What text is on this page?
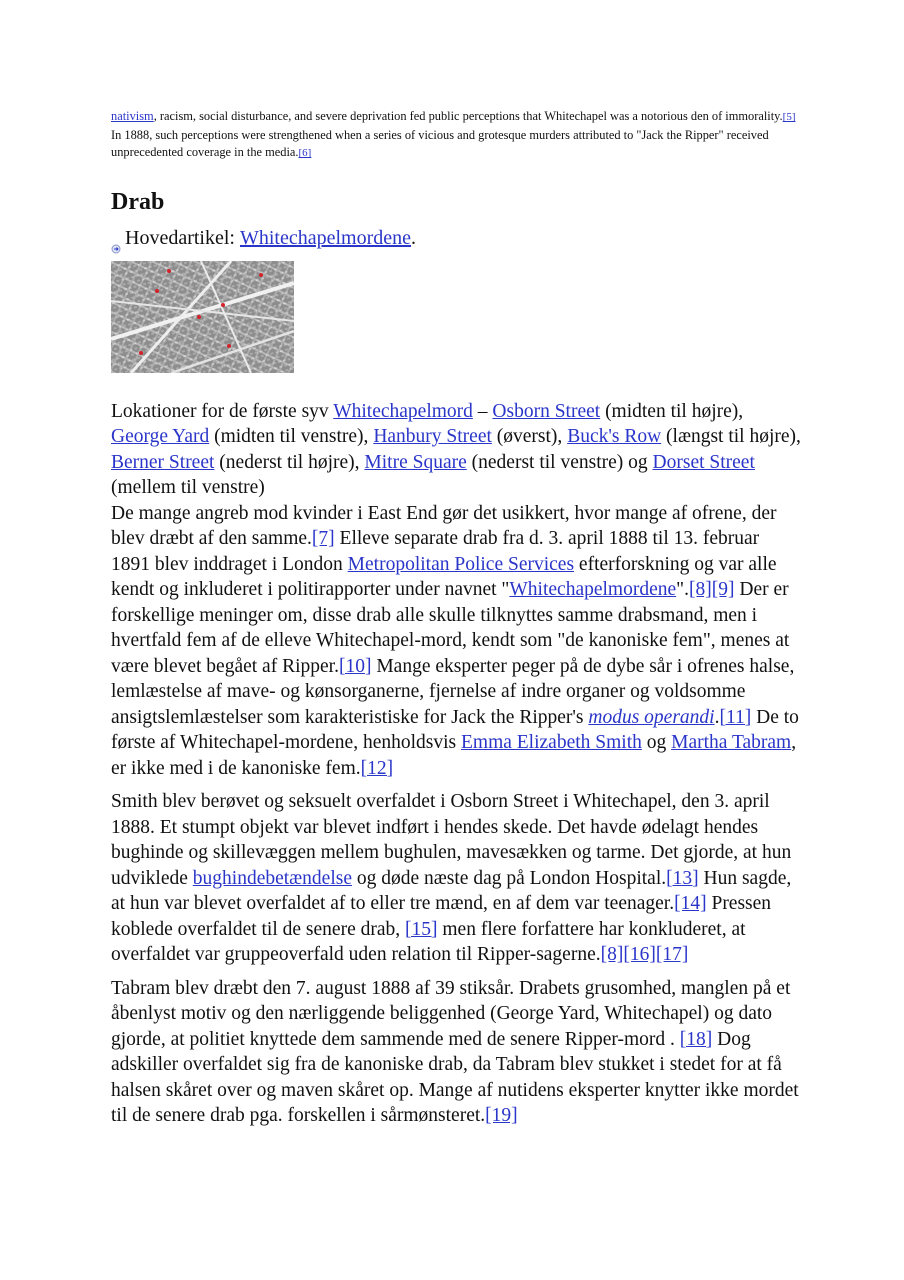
nativism, racism, social disturbance, and severe deprivation fed public perceptions that Whitechapel was a notorious den of immorality.[5] In 1888, such perceptions were strengthened when a series of vicious and grotesque murders attributed to "Jack the Ripper" received unprecedented coverage in the media.[6]

Drab

Hovedartikel:
Whitechapelmordene .

Lokationer for de første syv Whitechapelmord – Osborn Street (midten til højre), George Yard (midten til venstre), Hanbury Street (øverst), Buck's Row (længst til højre), Berner Street (nederst til højre), Mitre Square (nederst til venstre) og Dorset Street (mellem til venstre)

De mange angreb mod kvinder i East End gør det usikkert, hvor mange af ofrene, der blev dræbt af den samme.[7] Elleve separate drab fra d. 3. april 1888 til 13. februar 1891 blev inddraget i London Metropolitan Police Services efterforskning og var alle kendt og inkluderet i politirapporter under navnet "Whitechapelmordene".[8][9] Der er forskellige meninger om, disse drab alle skulle tilknyttes samme drabsmand, men i hvertfald fem af de elleve Whitechapel-mord, kendt som "de kanoniske fem", menes at være blevet begået af Ripper.[10] Mange eksperter peger på de dybe sår i ofrenes halse, lemlæstelse af mave- og kønsorganerne, fjernelse af indre organer og voldsomme ansigtslemlæstelser som karakteristiske for Jack the Ripper's modus operandi.[11] De to første af Whitechapel-mordene, henholdsvis Emma Elizabeth Smith og Martha Tabram, er ikke med i de kanoniske fem.[12]

Smith blev berøvet og seksuelt overfaldet i Osborn Street i Whitechapel, den 3. april 1888. Et stumpt objekt var blevet indført i hendes skede. Det havde ødelagt hendes bughinde og skillevæggen mellem bughulen, mavesækken og tarme. Det gjorde, at hun udviklede bughindebetændelse og døde næste dag på London Hospital.[13] Hun sagde, at hun var blevet overfaldet af to eller tre mænd, en af dem var teenager.[14] Pressen koblede overfaldet til de senere drab, [15] men flere forfattere har konkluderet, at overfaldet var gruppeoverfald uden relation til Ripper-sagerne.[8][16][17]

Tabram blev dræbt den 7. august 1888 af 39 stiksår. Drabets grusomhed, manglen på et åbenlyst motiv og den nærliggende beliggenhed (George Yard, Whitechapel) og dato gjorde, at politiet knyttede dem sammende med de senere Ripper-mord . [18] Dog adskiller overfaldet sig fra de kanoniske drab, da Tabram blev stukket i stedet for at få halsen skåret over og maven skåret op. Mange af nutidens eksperter knytter ikke mordet til de senere drab pga. forskellen i sårmønsteret.[19]
